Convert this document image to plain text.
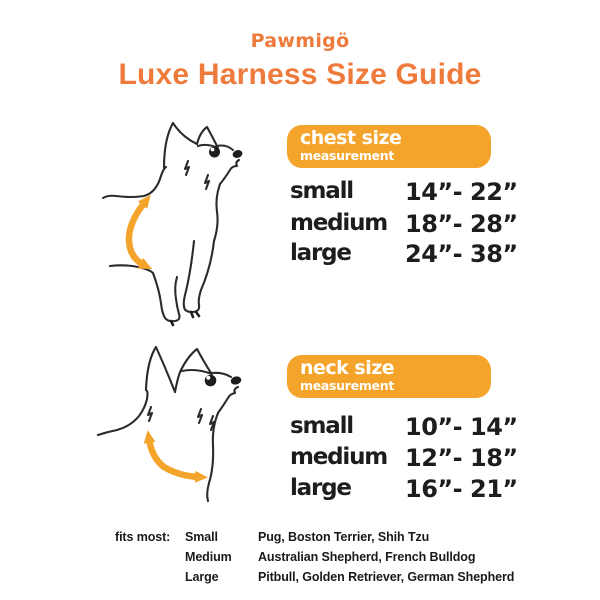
Pawmigö
Luxe Harness Size Guide
chest size
measurement
small 14”- 22”
medium 18”- 28”
large 24”- 38”
neck size
measurement
small 10”- 14”
medium 12”- 18”
large 16”- 21”
fits most: Small
Medium
Large
Pug, Boston Terrier, Shih Tzu
Australian Shepherd, French Bulldog
Pitbull, Golden Retriever, German Shepherd
